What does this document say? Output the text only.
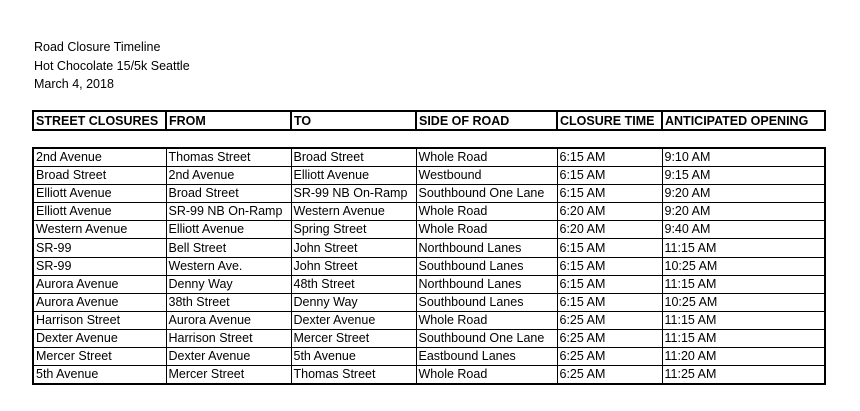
Road Closure Timeline
Hot Chocolate 15/5k Seattle
March 4, 2018
STREET CLOSURES	FROM	TO	SIDE OF ROAD	CLOSURE TIME	ANTICIPATED OPENING
2nd Avenue	Thomas Street	Broad Street	Whole Road	6:15 AM	9:10 AM
Broad Street	2nd Avenue	Elliott Avenue	Westbound	6:15 AM	9:15 AM
Elliott Avenue	Broad Street	SR-99 NB On-Ramp	Southbound One Lane	6:15 AM	9:20 AM
Elliott Avenue	SR-99 NB On-Ramp	Western Avenue	Whole Road	6:20 AM	9:20 AM
Western Avenue	Elliott Avenue	Spring Street	Whole Road	6:20 AM	9:40 AM
SR-99	Bell Street	John Street	Northbound Lanes	6:15 AM	11:15 AM
SR-99	Western Ave.	John Street	Southbound Lanes	6:15 AM	10:25 AM
Aurora Avenue	Denny Way	48th Street	Northbound Lanes	6:15 AM	11:15 AM
Aurora Avenue	38th Street	Denny Way	Southbound Lanes	6:15 AM	10:25 AM
Harrison Street	Aurora Avenue	Dexter Avenue	Whole Road	6:25 AM	11:15 AM
Dexter Avenue	Harrison Street	Mercer Street	Southbound One Lane	6:25 AM	11:15 AM
Mercer Street	Dexter Avenue	5th Avenue	Eastbound Lanes	6:25 AM	11:20 AM
5th Avenue	Mercer Street	Thomas Street	Whole Road	6:25 AM	11:25 AM
